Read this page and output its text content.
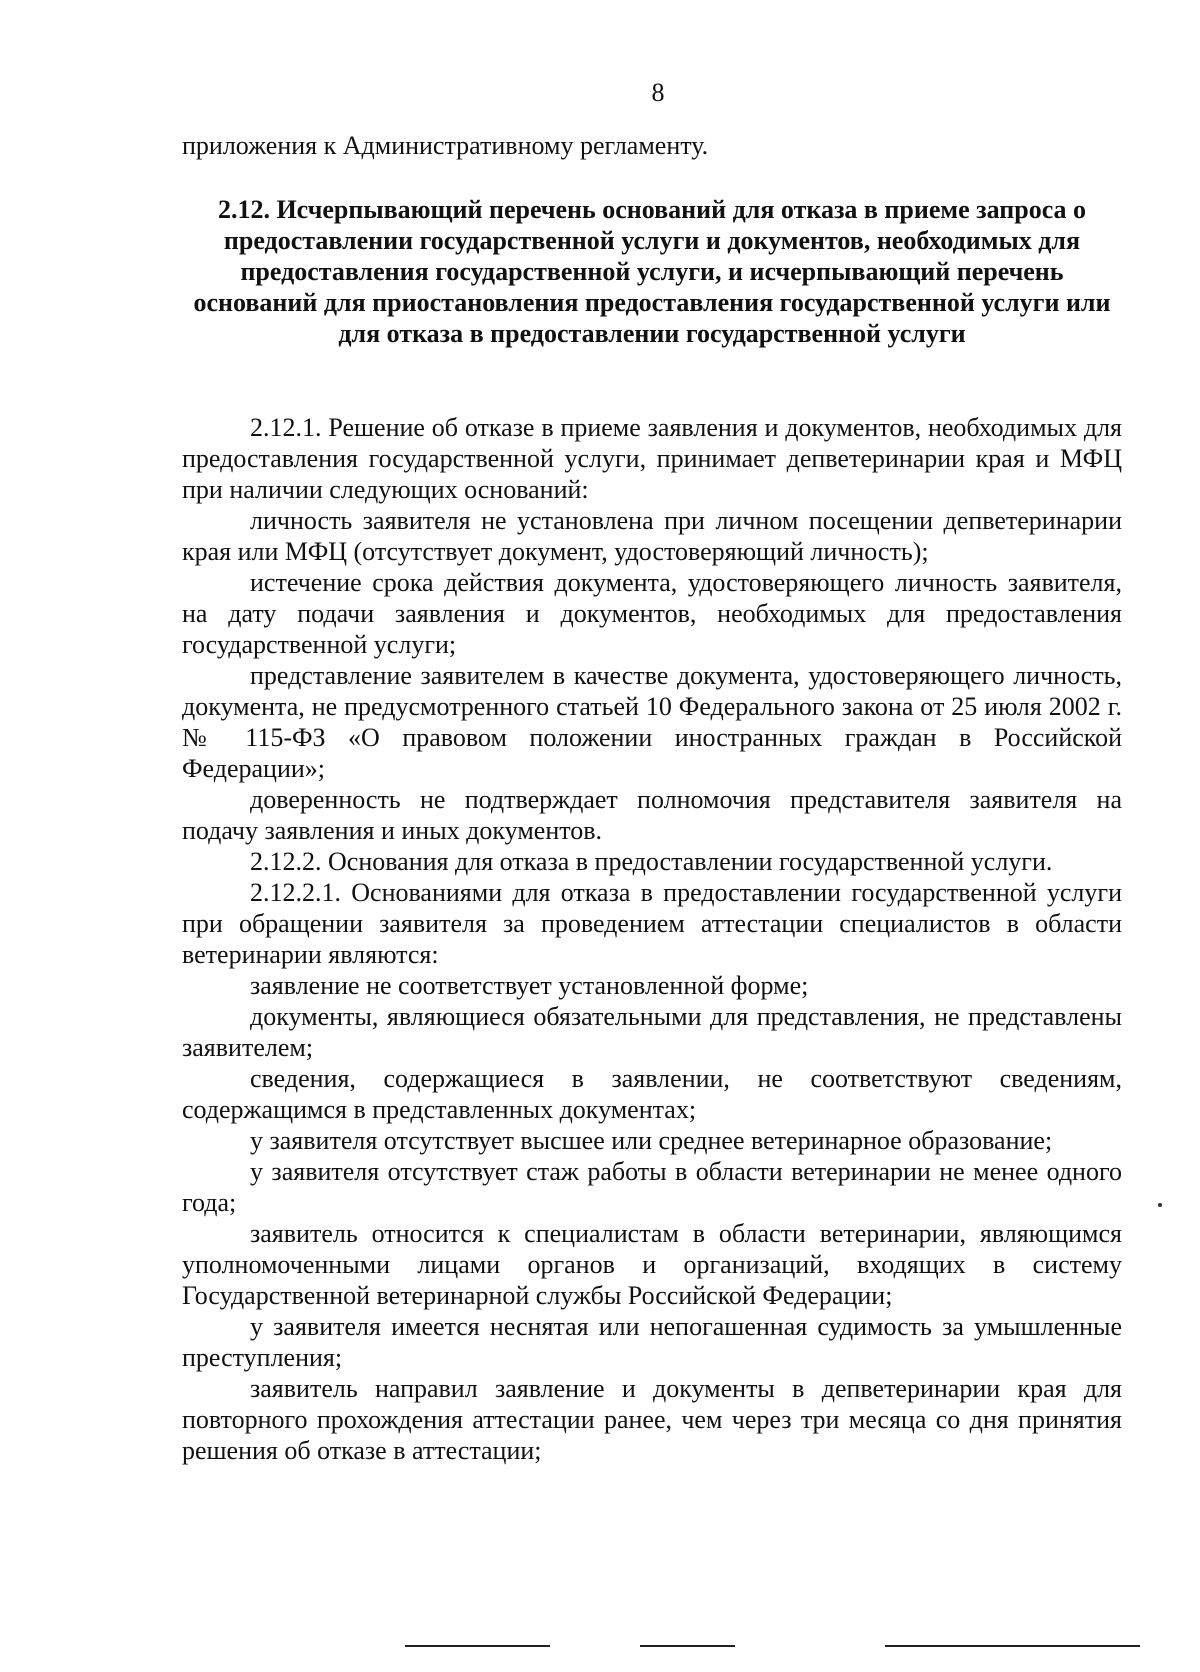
8
приложения к Административному регламенту.
2.12. Исчерпывающий перечень оснований для отказа в приеме запроса о предоставлении государственной услуги и документов, необходимых для предоставления государственной услуги, и исчерпывающий перечень оснований для приостановления предоставления государственной услуги или для отказа в предоставлении государственной услуги

2.12.1. Решение об отказе в приеме заявления и документов, необходимых для предоставления государственной услуги, принимает депветеринарии края и МФЦ при наличии следующих оснований:

личность заявителя не установлена при личном посещении депветеринарии края или МФЦ (отсутствует документ, удостоверяющий личность);

истечение срока действия документа, удостоверяющего личность заявителя, на дату подачи заявления и документов, необходимых для предоставления государственной услуги;

представление заявителем в качестве документа, удостоверяющего личность, документа, не предусмотренного статьей 10 Федерального закона от 25 июля 2002 г. № 115-ФЗ «О правовом положении иностранных граждан в Российской Федерации»;

доверенность не подтверждает полномочия представителя заявителя на подачу заявления и иных документов.

2.12.2. Основания для отказа в предоставлении государственной услуги.

2.12.2.1. Основаниями для отказа в предоставлении государственной услуги при обращении заявителя за проведением аттестации специалистов в области ветеринарии являются:

заявление не соответствует установленной форме;

документы, являющиеся обязательными для представления, не представлены заявителем;

сведения, содержащиеся в заявлении, не соответствуют сведениям, содержащимся в представленных документах;

у заявителя отсутствует высшее или среднее ветеринарное образование;

у заявителя отсутствует стаж работы в области ветеринарии не менее одного года;

заявитель относится к специалистам в области ветеринарии, являющимся уполномоченными лицами органов и организаций, входящих в систему Государственной ветеринарной службы Российской Федерации;

у заявителя имеется неснятая или непогашенная судимость за умышленные преступления;

заявитель направил заявление и документы в депветеринарии края для повторного прохождения аттестации ранее, чем через три месяца со дня принятия решения об отказе в аттестации;
